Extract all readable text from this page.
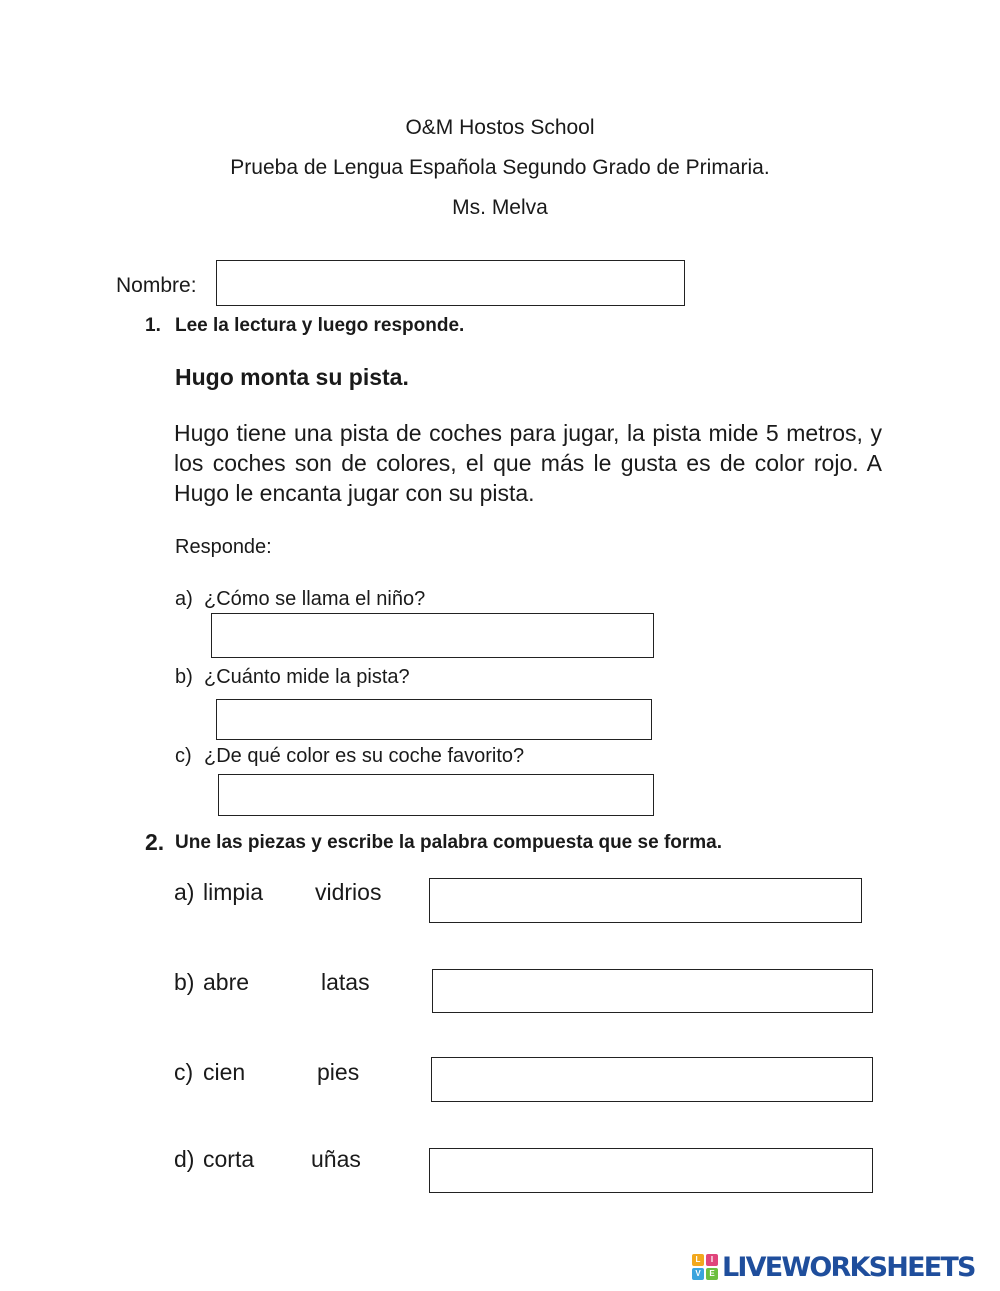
O&M Hostos School
Prueba de Lengua Española Segundo Grado de Primaria.
Ms. Melva
Nombre:
1. Lee la lectura y luego responde.
Hugo monta su pista.
Hugo tiene una pista de coches para jugar, la pista mide 5 metros, y los coches son de colores, el que más le gusta es de color rojo. A Hugo le encanta jugar con su pista.
Responde:
a) ¿Cómo se llama el niño?
b) ¿Cuánto mide la pista?
c) ¿De qué color es su coche favorito?
2. Une las piezas y escribe la palabra compuesta que se forma.
a) limpia vidrios
b) abre	latas
c) cien	pies
d) corta uñas
L	I
V	E LIVEWORKSHEETS
